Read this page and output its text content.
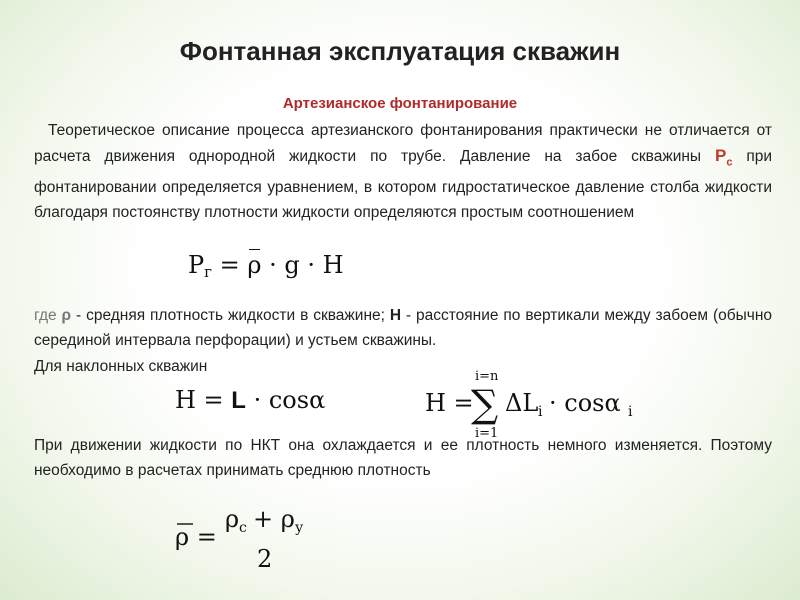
Фонтанная эксплуатация скважин
Артезианское фонтанирование
Теоретическое описание процесса артезианского фонтанирования практически не отличается от расчета движения однородной жидкости по трубе. Давление на забое скважины $P_с$ при фонтанировании определяется уравнением, в котором гидростатическое давление столба жидкости благодаря постоянству плотности жидкости определяются простым соотношением
$P_г = \rho \cdot g \cdot H$
где ρ - средняя плотность жидкости в скважине; H - расстояние по вертикали между забоем (обычно серединой интервала перфорации) и устьем скважины.
Для наклонных скважин
H = L · cosα	H =
i=n
∑
i=1
ΔL i · cosα i
При движении жидкости по НКТ она охлаждается и ее плотность немного изменяется. Поэтому необходимо в расчетах принимать среднюю плотность
ρ =
ρ с + ρ у
2
